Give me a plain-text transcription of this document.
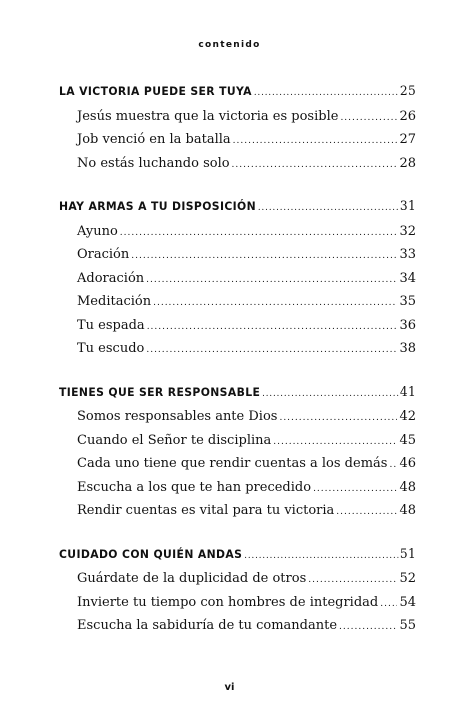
contenido
LA VICTORIA PUEDE SER TUYA .....	25
Jesús muestra que la victoria es posible .....	26
Job venció en la batalla .....	27
No estás luchando solo .....	28
HAY ARMAS A TU DISPOSICIÓN .....	31
Ayuno .....	32
Oración .....	33
Adoración .....	34
Meditación .....	35
Tu espada .....	36
Tu escudo .....	38
TIENES QUE SER RESPONSABLE .....	41
Somos responsables ante Dios .....	42
Cuando el Señor te disciplina .....	45
Cada uno tiene que rendir cuentas a los demás ..... 46
Escucha a los que te han precedido .....	48
Rendir cuentas es vital para tu victoria .....	48
CUIDADO CON QUIÉN ANDAS .....	51
Guárdate de la duplicidad de otros .....	52
Invierte tu tiempo con hombres de integridad ..... 54
Escucha la sabiduría de tu comandante .....	55
vi
